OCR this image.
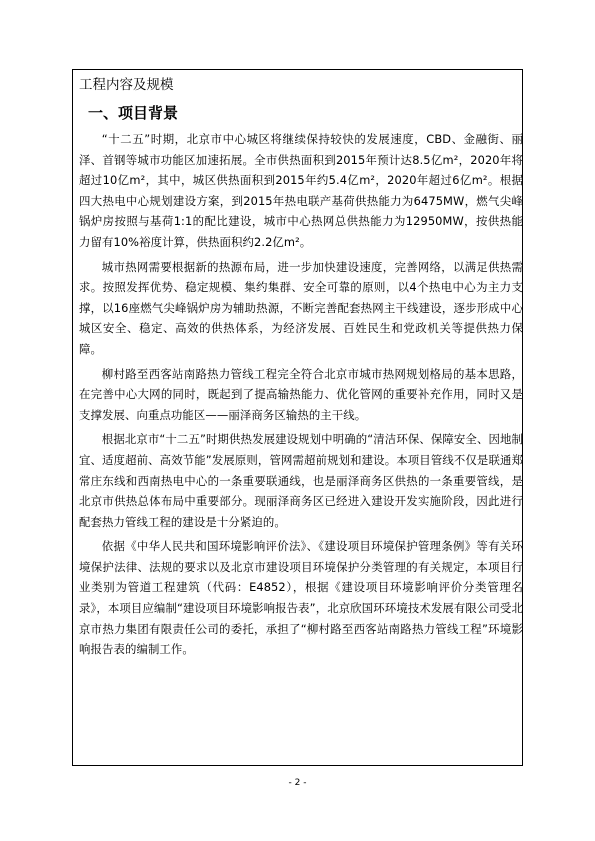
工程内容及规模
一、项目背景

“十二五”时期，北京市中心城区将继续保持较快的发展速度，CBD、金融街、丽泽、首钢等城市功能区加速拓展。全市供热面积到2015年预计达8.5亿m²，2020年将超过10亿m²，其中，城区供热面积到2015年约5.4亿m²，2020年超过6亿m²。根据四大热电中心规划建设方案，到2015年热电联产基荷供热能力为6475MW，燃气尖峰锅炉房按照与基荷1:1的配比建设，城市中心热网总供热能力为12950MW，按供热能力留有10%裕度计算，供热面积约2.2亿m²。

城市热网需要根据新的热源布局，进一步加快建设速度，完善网络，以满足供热需求。按照发挥优势、稳定规模、集约集群、安全可靠的原则，以4个热电中心为主力支撑，以16座燃气尖峰锅炉房为辅助热源，不断完善配套热网主干线建设，逐步形成中心城区安全、稳定、高效的供热体系，为经济发展、百姓民生和党政机关等提供热力保障。

柳村路至西客站南路热力管线工程完全符合北京市城市热网规划格局的基本思路，在完善中心大网的同时，既起到了提高输热能力、优化管网的重要补充作用，同时又是支撑发展、向重点功能区——丽泽商务区输热的主干线。

根据北京市“十二五”时期供热发展建设规划中明确的“清洁环保、保障安全、因地制宜、适度超前、高效节能”发展原则，管网需超前规划和建设。本项目管线不仅是联通郑常庄东线和西南热电中心的一条重要联通线，也是丽泽商务区供热的一条重要管线，是北京市供热总体布局中重要部分。现丽泽商务区已经进入建设开发实施阶段，因此进行配套热力管线工程的建设是十分紧迫的。

依据《中华人民共和国环境影响评价法》、《建设项目环境保护管理条例》等有关环境保护法律、法规的要求以及北京市建设项目环境保护分类管理的有关规定，本项目行业类别为管道工程建筑（代码：E4852），根据《建设项目环境影响评价分类管理名录》，本项目应编制“建设项目环境影响报告表”，北京欣国环环境技术发展有限公司受北京市热力集团有限责任公司的委托，承担了“柳村路至西客站南路热力管线工程”环境影响报告表的编制工作。

- 2 -
